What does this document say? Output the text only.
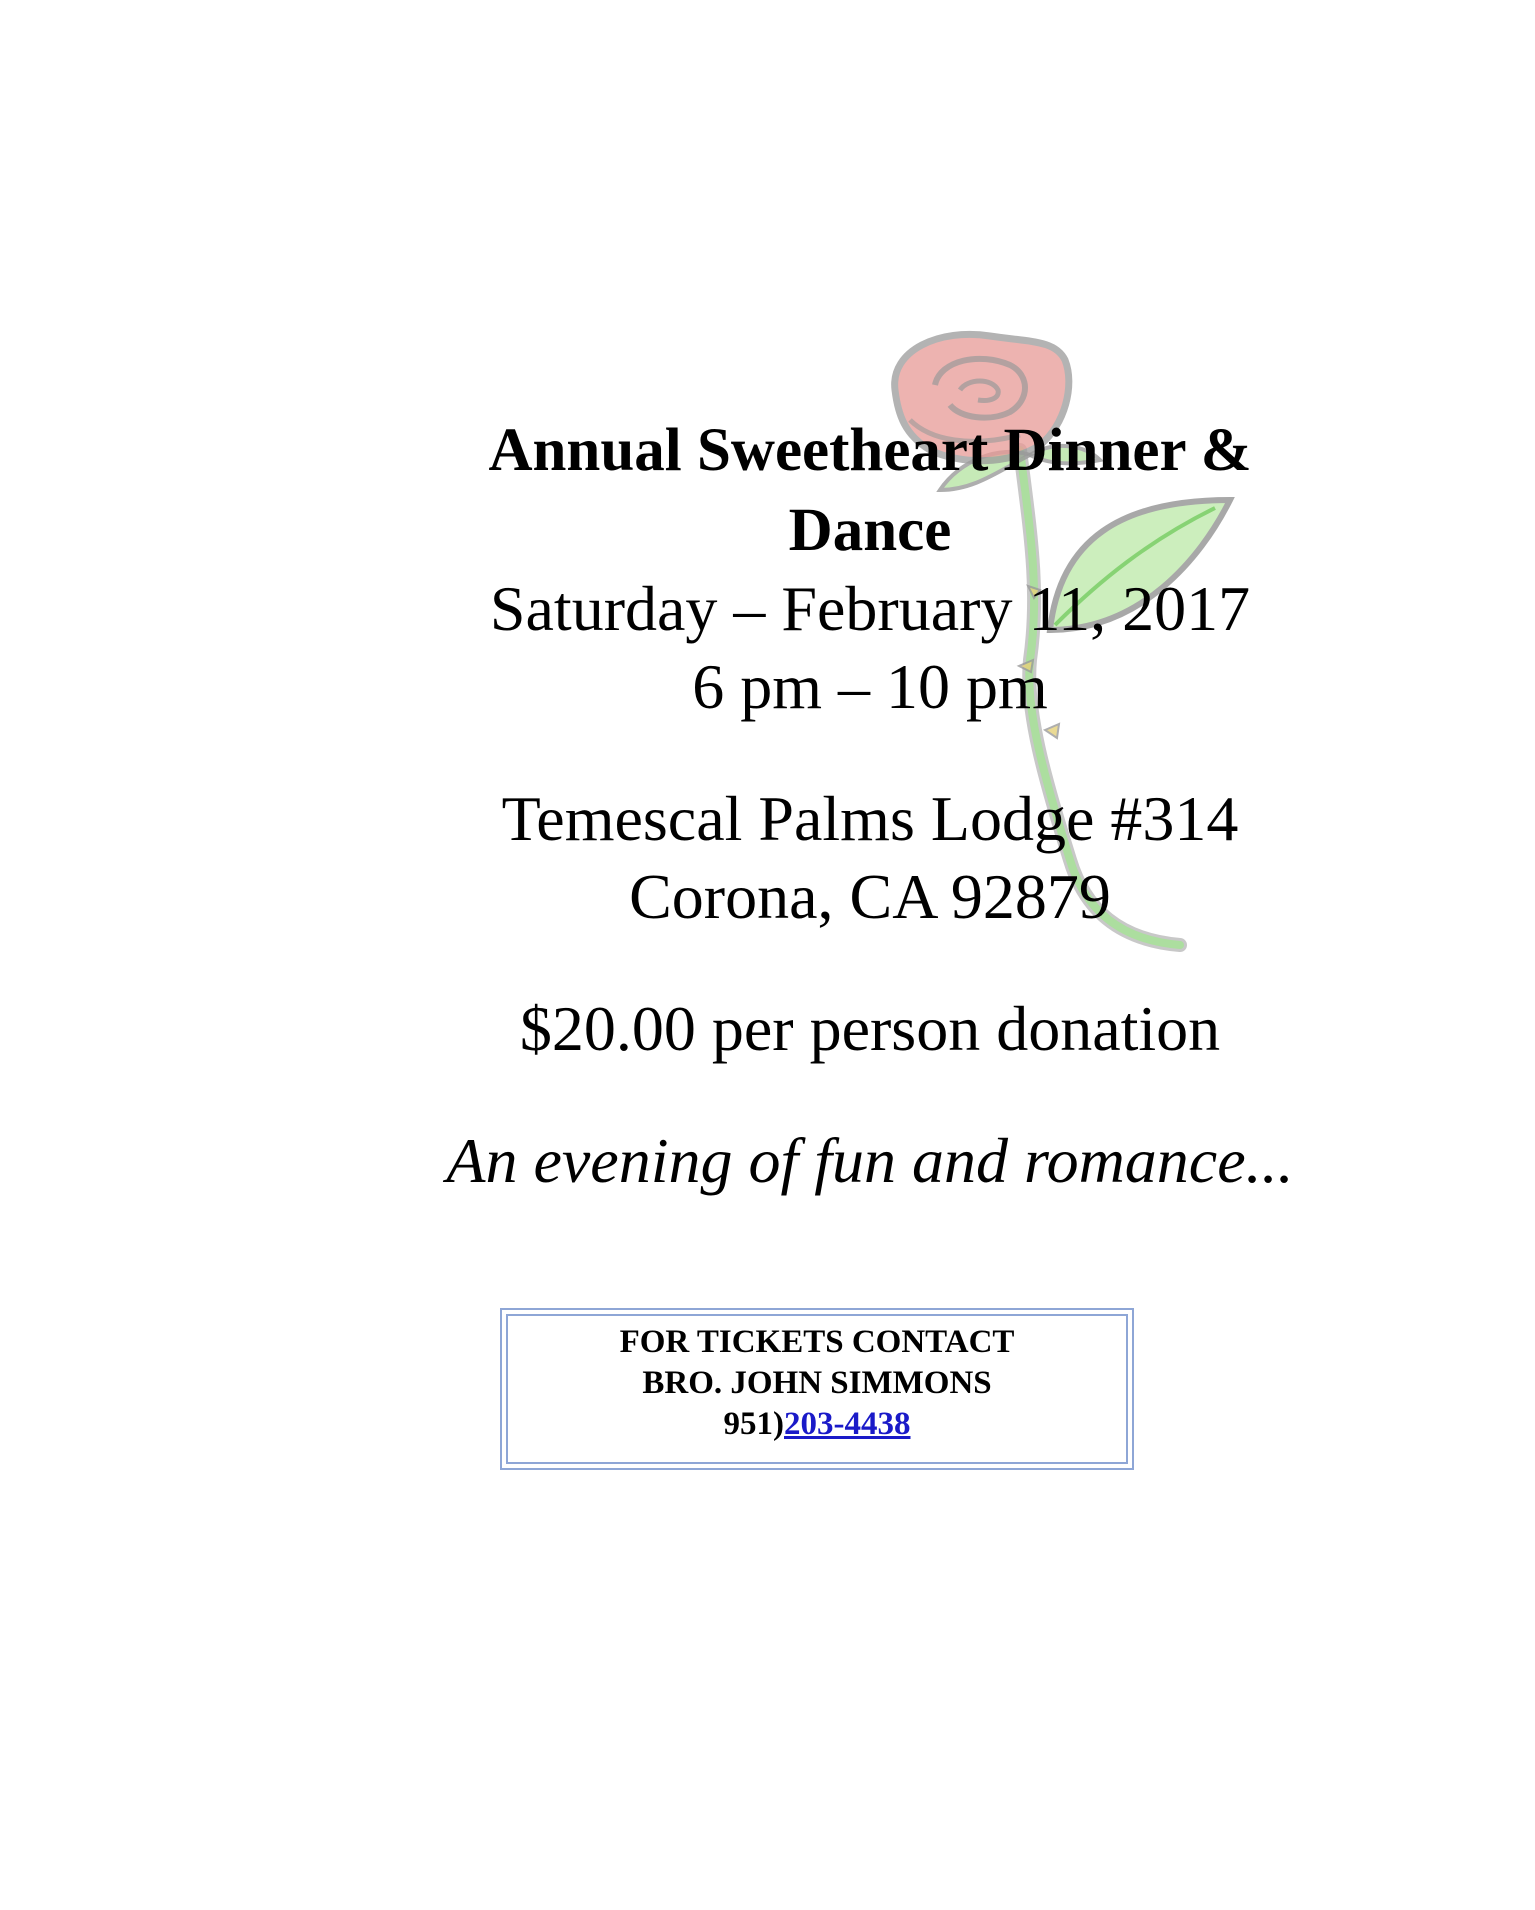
Annual Sweetheart Dinner &
Dance
Saturday – February 11, 2017
6 pm – 10 pm
Temescal Palms Lodge #314
Corona, CA 92879
$20.00 per person donation
An evening of fun and romance...
FOR TICKETS CONTACT
BRO. JOHN SIMMONS
951)203-4438
